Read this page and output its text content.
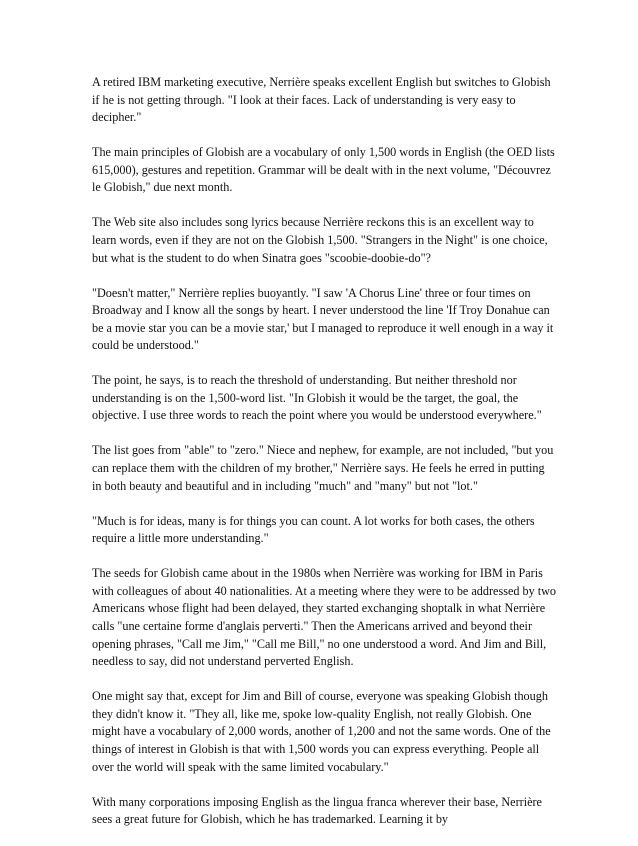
A retired IBM marketing executive, Nerrière speaks excellent English but switches to Globish if he is not getting through. "I look at their faces. Lack of understanding is very easy to decipher."

The main principles of Globish are a vocabulary of only 1,500 words in English (the OED lists 615,000), gestures and repetition. Grammar will be dealt with in the next volume, "Découvrez le Globish," due next month.

The Web site also includes song lyrics because Nerrière reckons this is an excellent way to learn words, even if they are not on the Globish 1,500. "Strangers in the Night" is one choice, but what is the student to do when Sinatra goes "scoobie-doobie-do"?

"Doesn't matter," Nerrière replies buoyantly. "I saw 'A Chorus Line' three or four times on Broadway and I know all the songs by heart. I never understood the line 'If Troy Donahue can be a movie star you can be a movie star,' but I managed to reproduce it well enough in a way it could be understood."

The point, he says, is to reach the threshold of understanding. But neither threshold nor understanding is on the 1,500-word list. "In Globish it would be the target, the goal, the objective. I use three words to reach the point where you would be understood everywhere."

The list goes from "able" to "zero." Niece and nephew, for example, are not included, "but you can replace them with the children of my brother," Nerrière says. He feels he erred in putting in both beauty and beautiful and in including "much" and "many" but not "lot."

"Much is for ideas, many is for things you can count. A lot works for both cases, the others require a little more understanding."

The seeds for Globish came about in the 1980s when Nerrière was working for IBM in Paris with colleagues of about 40 nationalities. At a meeting where they were to be addressed by two Americans whose flight had been delayed, they started exchanging shoptalk in what Nerrière calls "une certaine forme d'anglais perverti." Then the Americans arrived and beyond their opening phrases, "Call me Jim," "Call me Bill," no one understood a word. And Jim and Bill, needless to say, did not understand perverted English.

One might say that, except for Jim and Bill of course, everyone was speaking Globish though they didn't know it. "They all, like me, spoke low-quality English, not really Globish. One might have a vocabulary of 2,000 words, another of 1,200 and not the same words. One of the things of interest in Globish is that with 1,500 words you can express everything. People all over the world will speak with the same limited vocabulary."

With many corporations imposing English as the lingua franca wherever their base, Nerrière sees a great future for Globish, which he has trademarked. Learning it by
